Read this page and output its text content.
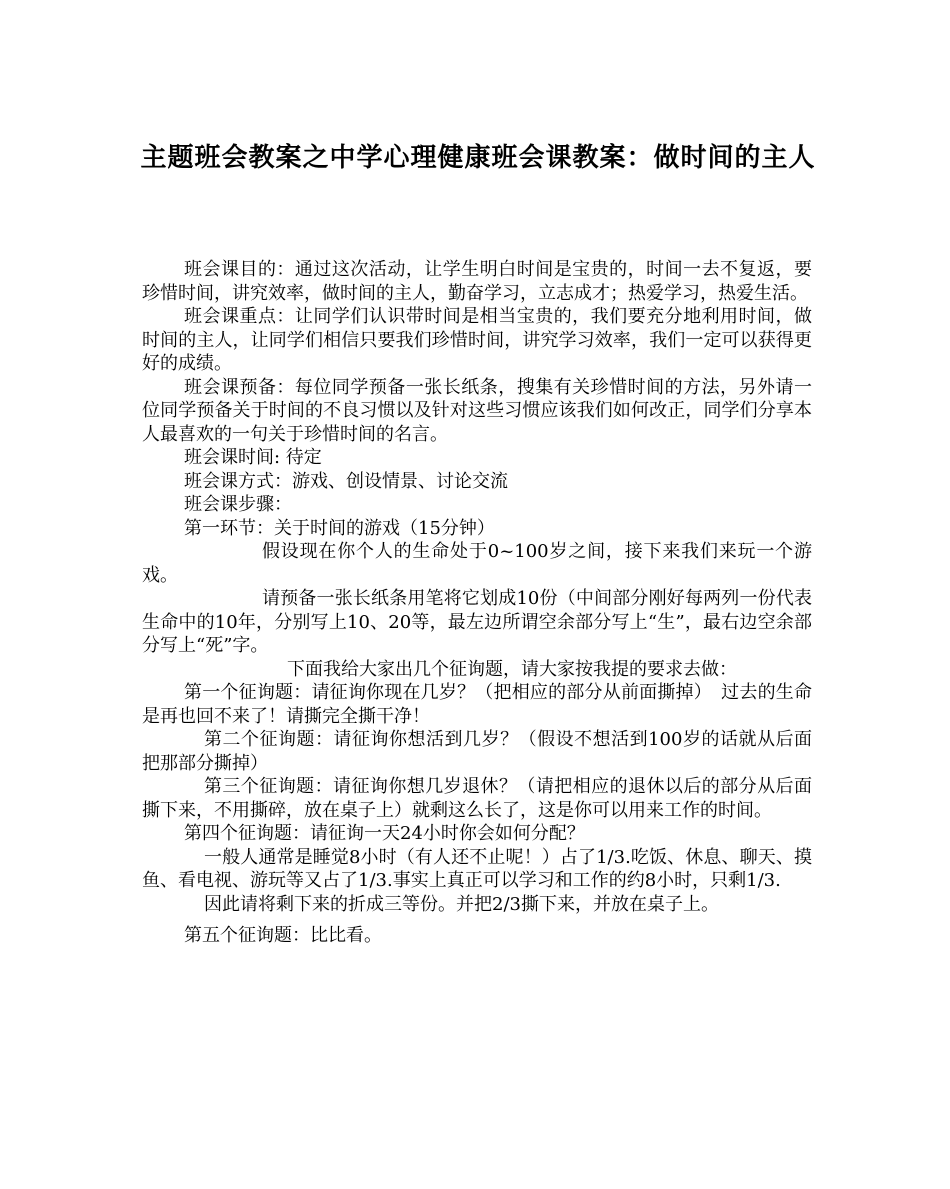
主题班会教案之中学心理健康班会课教案：做时间的主人

班会课目的：通过这次活动，让学生明白时间是宝贵的，时间一去不复返，要珍惜时间，讲究效率，做时间的主人，勤奋学习，立志成才；热爱学习，热爱生活。

班会课重点：让同学们认识带时间是相当宝贵的，我们要充分地利用时间，做时间的主人，让同学们相信只要我们珍惜时间，讲究学习效率，我们一定可以获得更好的成绩。

班会课预备：每位同学预备一张长纸条，搜集有关珍惜时间的方法，另外请一位同学预备关于时间的不良习惯以及针对这些习惯应该我们如何改正，同学们分享本人最喜欢的一句关于珍惜时间的名言。

班会课时间: 待定

班会课方式：游戏、创设情景、讨论交流

班会课步骤：

第一环节：关于时间的游戏（15分钟）

假设现在你个人的生命处于0~100岁之间，接下来我们来玩一个游戏。

请预备一张长纸条用笔将它划成10份（中间部分刚好每两列一份代表生命中的10年，分别写上10、20等，最左边所谓空余部分写上“生”，最右边空余部分写上“死”字。

下面我给大家出几个征询题，请大家按我提的要求去做：

第一个征询题：请征询你现在几岁？（把相应的部分从前面撕掉）　过去的生命是再也回不来了！请撕完全撕干净！

第二个征询题：请征询你想活到几岁？（假设不想活到100岁的话就从后面把那部分撕掉）

第三个征询题：请征询你想几岁退休？（请把相应的退休以后的部分从后面撕下来，不用撕碎，放在桌子上）就剩这么长了，这是你可以用来工作的时间。

第四个征询题：请征询一天24小时你会如何分配？

一般人通常是睡觉8小时（有人还不止呢！）占了1/3.吃饭、休息、聊天、摸鱼、看电视、游玩等又占了1/3.事实上真正可以学习和工作的约8小时，只剩1/3.

因此请将剩下来的折成三等份。并把2/3撕下来，并放在桌子上。

第五个征询题：比比看。
